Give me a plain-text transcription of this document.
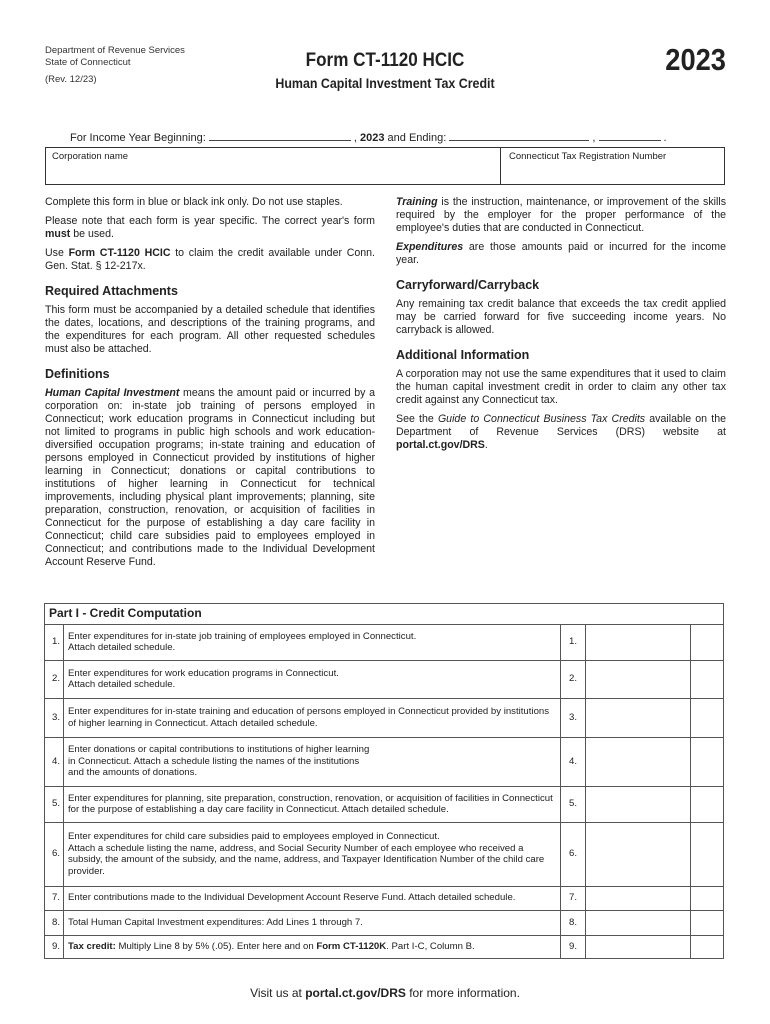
Department of Revenue Services
State of Connecticut
(Rev. 12/23)
Form CT-1120 HCIC
Human Capital Investment Tax Credit
2023
For Income Year Beginning:	, 2023 and Ending:	,	.
Corporation name	Connecticut Tax Registration Number

Complete this form in blue or black ink only. Do not use staples.

Please note that each form is year specific. The correct year's form must be used.

Use Form CT-1120 HCIC to claim the credit available under Conn. Gen. Stat. § 12-217x.

Required Attachments

This form must be accompanied by a detailed schedule that identifies the dates, locations, and descriptions of the training programs, and the expenditures for each program. All other requested schedules must also be attached.

Definitions

Human Capital Investment means the amount paid or incurred by a corporation on: in-state job training of persons employed in Connecticut; work education programs in Connecticut including but not limited to programs in public high schools and work education-diversified occupation programs; in-state training and education of persons employed in Connecticut provided by institutions of higher learning in Connecticut; donations or capital contributions to institutions of higher learning in Connecticut for technical improvements, including physical plant improvements; planning, site preparation, construction, renovation, or acquisition of facilities in Connecticut for the purpose of establishing a day care facility in Connecticut; child care subsidies paid to employees employed in Connecticut; and contributions made to the Individual Development Account Reserve Fund.

Training is the instruction, maintenance, or improvement of the skills required by the employer for the proper performance of the employee's duties that are conducted in Connecticut.

Expenditures are those amounts paid or incurred for the income year.

Carryforward/Carryback

Any remaining tax credit balance that exceeds the tax credit applied may be carried forward for five succeeding income years. No carryback is allowed.

Additional Information

A corporation may not use the same expenditures that it used to claim the human capital investment credit in order to claim any other tax credit against any Connecticut tax.

See the Guide to Connecticut Business Tax Credits available on the Department of Revenue Services (DRS) website at portal.ct.gov/DRS.

Part I - Credit Computation				
1.	Enter expenditures for in-state job training of employees employed in Connecticut.
Attach detailed schedule.	1.		
2.	Enter expenditures for work education programs in Connecticut.
Attach detailed schedule.	2.		
3.	Enter expenditures for in-state training and education of persons employed in Connecticut provided by institutions of higher learning in Connecticut. Attach detailed schedule.	3.		
4.	Enter donations or capital contributions to institutions of higher learning
in Connecticut. Attach a schedule listing the names of the institutions
and the amounts of donations.	4.		
5.	Enter expenditures for planning, site preparation, construction, renovation, or acquisition of facilities in Connecticut for the purpose of establishing a day care facility in Connecticut. Attach detailed schedule.	5.		
6.	Enter expenditures for child care subsidies paid to employees employed in Connecticut.
Attach a schedule listing the name, address, and Social Security Number of each employee who received a subsidy, the amount of the subsidy, and the name, address, and Taxpayer Identification Number of the child care provider.	6.		
7.	Enter contributions made to the Individual Development Account Reserve Fund. Attach detailed schedule.	7.		
8.	Total Human Capital Investment expenditures: Add Lines 1 through 7.	8.		
9.	Tax credit: Multiply Line 8 by 5% (.05). Enter here and on Form CT-1120K. Part I-C, Column B.	9.		
Visit us at portal.ct.gov/DRS for more information.
